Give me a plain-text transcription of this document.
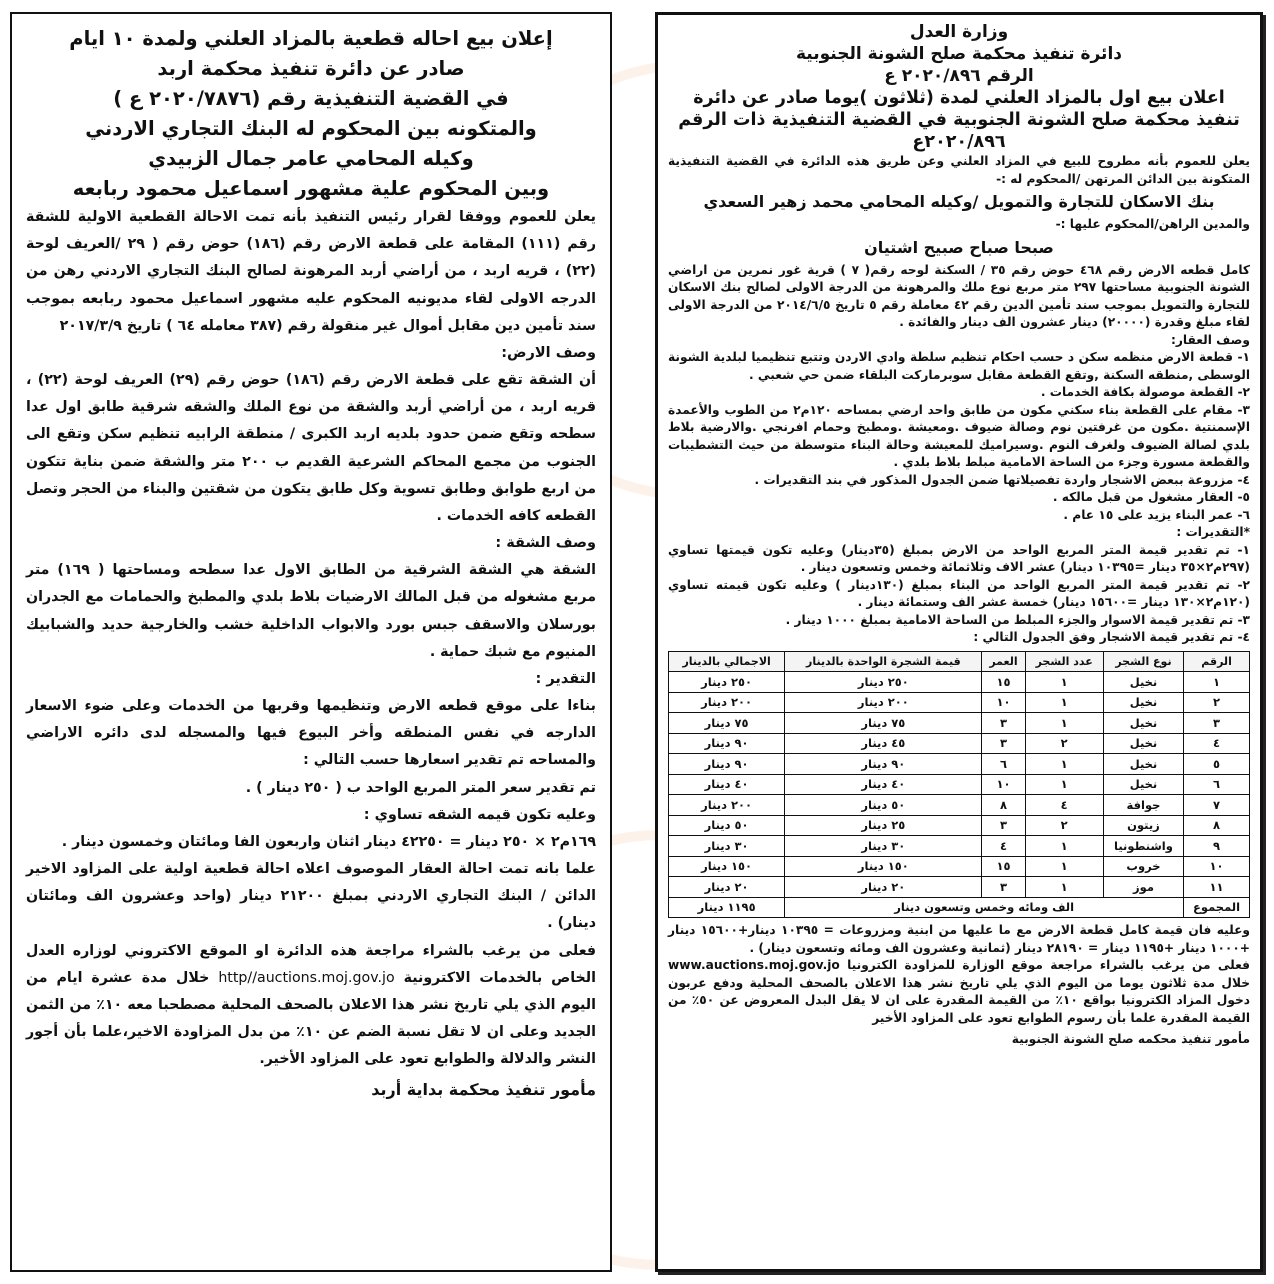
وزارة العدل
دائرة تنفيذ محكمة صلح الشونة الجنوبية
الرقم ٢٠٢٠/٨٩٦ ع
اعلان بيع اول بالمزاد العلني لمدة (ثلاثون )يوما صادر عن دائرة
تنفيذ محكمة صلح الشونة الجنوبية في القضية التنفيذية ذات الرقم ٢٠٢٠/٨٩٦ع

يعلن للعموم بأنه مطروح للبيع في المزاد العلني وعن طريق هذه الدائرة في القضية التنفيذية المتكونة بين الدائن المرتهن /المحكوم له :-

بنك الاسكان للتجارة والتمويل /وكيله المحامي محمد زهير السعدي

والمدين الراهن/المحكوم عليها :-

صبحا صباح صبيح اشتيان

كامل قطعه الارض رقم ٤٦٨ حوض رقم ٣٥ / السكنة لوحه رقم( ٧ ) قرية غور نمرين من اراضي الشونة الجنوبية مساحتها ٢٩٧ متر مربع نوع ملك والمرهونة من الدرجة الاولى لصالح بنك الاسكان للتجارة والتمويل بموجب سند تأمين الدين رقم ٤٢ معاملة رقم ٥ تاريخ ٢٠١٤/٦/٥ من الدرجة الاولى لقاء مبلغ وقدرة (٢٠٠٠٠) دينار عشرون الف دينار والفائدة .

وصف العقار:

١- قطعة الارض منظمه سكن د حسب احكام تنظيم سلطة وادي الاردن وتتبع تنظيميا لبلدية الشونة الوسطى ,منطقه السكنة ,وتقع القطعة مقابل سوبرماركت البلقاء ضمن حي شعبي .

٢- القطعة موصولة بكافة الخدمات .

٣- مقام على القطعة بناء سكني مكون من طابق واحد ارضي بمساحه ١٢٠م٢ من الطوب والأعمدة الإسمنتية .مكون من غرفتين نوم وصالة ضيوف .ومعيشة .ومطبخ وحمام افرنجي .والارضية بلاط بلدي لصالة الضيوف ولغرف النوم .وسيراميك للمعيشة وحالة البناء متوسطة من حيث التشطيبات والقطعة مسورة وجزء من الساحة الامامية مبلط بلاط بلدي .

٤- مزروعة ببعض الاشجار واردة تفصيلاتها ضمن الجدول المذكور في بند التقديرات .

٥- العقار مشغول من قبل مالكه .

٦- عمر البناء يزيد على ١٥ عام .

*التقديرات :

١- تم تقدير قيمة المتر المربع الواحد من الارض بمبلغ (٣٥دينار) وعليه تكون قيمتها تساوي (٢٩٧م٢×٣٥ دينار =١٠٣٩٥ دينار) عشر الاف وثلاثمائة وخمس وتسعون دينار .

٢- تم تقدير قيمة المتر المربع الواحد من البناء بمبلغ (١٣٠دينار ) وعليه تكون قيمته تساوي (١٢٠م٢×١٣٠ دينار =١٥٦٠٠ دينار) خمسة عشر الف وستمائة دينار .

٣- تم تقدير قيمة الاسوار والجزء المبلط من الساحة الامامية بمبلغ ١٠٠٠ دينار .

٤- تم تقدير قيمة الاشجار وفق الجدول التالي :

الرقم	نوع الشجر	عدد الشجر	العمر	قيمة الشجرة الواحدة بالدينار	الاجمالي بالدينار
١	نخيل	١	١٥	٢٥٠ دينار	٢٥٠ دينار
٢	نخيل	١	١٠	٢٠٠ دينار	٢٠٠ دينار
٣	نخيل	١	٣	٧٥ دينار	٧٥ دينار
٤	نخيل	٢	٣	٤٥ دينار	٩٠ دينار
٥	نخيل	١	٦	٩٠ دينار	٩٠ دينار
٦	نخيل	١	١٠	٤٠ دينار	٤٠ دينار
٧	جوافة	٤	٨	٥٠ دينار	٢٠٠ دينار
٨	زيتون	٢	٣	٢٥ دينار	٥٠ دينار
٩	واشنطونيا	١	٤	٣٠ دينار	٣٠ دينار
١٠	خروب	١	١٥	١٥٠ دينار	١٥٠ دينار
١١	موز	١	٣	٢٠ دينار	٢٠ دينار
المجموع	الف ومائه وخمس وتسعون دينار				١١٩٥ دينار

وعليه فان قيمة كامل قطعة الارض مع ما عليها من ابنية ومزروعات = ١٠٣٩٥ دينار+١٥٦٠٠ دينار +١٠٠٠ دينار +١١٩٥ دينار = ٢٨١٩٠ دينار (ثمانية وعشرون الف ومائه وتسعون دينار) .

فعلى من يرغب بالشراء مراجعة موقع الوزارة للمزاودة الكترونيا www.auctions.moj.gov.jo خلال مدة ثلاثون يوما من اليوم الذي يلي تاريخ نشر هذا الاعلان بالصحف المحلية ودفع عربون دخول المزاد الكترونيا بواقع ١٠٪ من القيمة المقدرة على ان لا يقل البدل المعروض عن ٥٠٪ من القيمة المقدرة علما بأن رسوم الطوابع تعود على المزاود الأخير

مأمور تنفيذ محكمه صلح الشونة الجنوبية

إعلان بيع احاله قطعية بالمزاد العلني ولمدة ١٠ ايام
صادر عن دائرة تنفيذ محكمة اربد
في القضية التنفيذية رقم (٢٠٢٠/٧٨٧٦ ع )
والمتكونه بين المحكوم له البنك التجاري الاردني
وكيله المحامي عامر جمال الزبيدي
وبين المحكوم علية مشهور اسماعيل محمود ربابعه

يعلن للعموم ووفقا لقرار رئيس التنفيذ بأنه تمت الاحالة القطعية الاولية للشقة رقم (١١١) المقامة على قطعة الارض رقم (١٨٦) حوض رقم ( ٢٩ /العريف لوحة (٢٢) ، قريه اربد ، من أراضي أربد المرهونة لصالح البنك التجاري الاردني رهن من الدرجه الاولى لقاء مديونيه المحكوم عليه مشهور اسماعيل محمود ربابعه بموجب سند تأمين دين مقابل أموال غير منقولة رقم (٣٨٧ معامله ٦٤ ) تاريخ ٢٠١٧/٣/٩

وصف الارض:

أن الشقة تقع على قطعة الارض رقم (١٨٦) حوض رقم (٢٩) العريف لوحة (٢٢) ، قريه اربد ، من أراضي أربد والشقة من نوع الملك والشقه شرقية طابق اول عدا سطحه وتقع ضمن حدود بلديه اربد الكبرى / منطقة الرابيه تنظيم سكن وتقع الى الجنوب من مجمع المحاكم الشرعية القديم ب ٢٠٠ متر والشقة ضمن بناية تتكون من اربع طوابق وطابق تسوية وكل طابق يتكون من شقتين والبناء من الحجر وتصل القطعه كافه الخدمات .

وصف الشقة :

الشقة هي الشقة الشرقية من الطابق الاول عدا سطحه ومساحتها ( ١٦٩) متر مربع مشغوله من قبل المالك الارضيات بلاط بلدي والمطبخ والحمامات مع الجدران بورسلان والاسقف جبس بورد والابواب الداخلية خشب والخارجية حديد والشبابيك المنيوم مع شبك حماية .

التقدير :

بناءا على موقع قطعه الارض وتنظيمها وقربها من الخدمات وعلى ضوء الاسعار الدارجه في نفس المنطقه وأخر البيوع فيها والمسجله لدى دائره الاراضي والمساحه تم تقدير اسعارها حسب التالي :

تم تقدير سعر المتر المربع الواحد ب ( ٢٥٠ دينار ) .

وعليه تكون قيمه الشقه تساوي :

١٦٩م٢ × ٢٥٠ دينار = ٤٢٢٥٠ دينار اثنان واربعون الفا ومائتان وخمسون دينار .

علما بانه تمت احالة العقار الموصوف اعلاه احالة قطعية اولية على المزاود الاخير الدائن / البنك التجاري الاردني بمبلغ ٢١٢٠٠ دينار (واحد وعشرون الف ومائتان دينار) .

فعلى من يرغب بالشراء مراجعة هذه الدائرة او الموقع الاكتروني لوزاره العدل الخاص بالخدمات الاكترونية http//auctions.moj.gov.jo خلال مدة عشرة ايام من اليوم الذي يلي تاريخ نشر هذا الاعلان بالصحف المحلية مصطحبا معه ١٠٪ من الثمن الجديد وعلى ان لا تقل نسبة الضم عن ١٠٪ من بدل المزاودة الاخير،علما بأن أجور النشر والدلالة والطوابع تعود على المزاود الأخير.

مأمور تنفيذ محكمة بداية أربد
